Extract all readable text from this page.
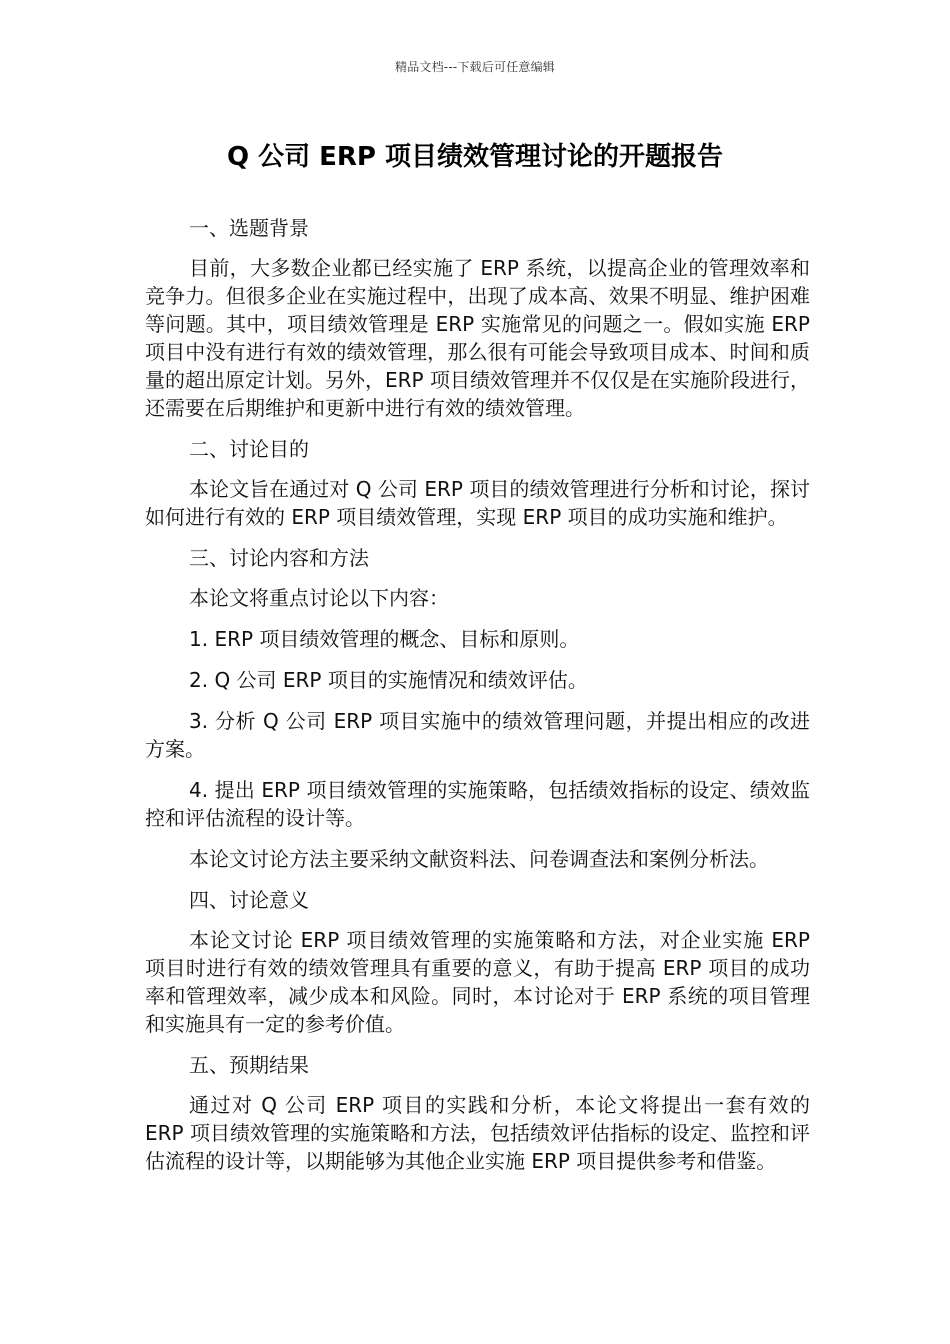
精品文档---下载后可任意编辑
Q 公司 ERP 项目绩效管理讨论的开题报告

一、选题背景

目前，大多数企业都已经实施了 ERP 系统，以提高企业的管理效率和竞争力。但很多企业在实施过程中，出现了成本高、效果不明显、维护困难等问题。其中，项目绩效管理是 ERP 实施常见的问题之一。假如实施 ERP 项目中没有进行有效的绩效管理，那么很有可能会导致项目成本、时间和质量的超出原定计划。另外，ERP 项目绩效管理并不仅仅是在实施阶段进行，还需要在后期维护和更新中进行有效的绩效管理。

二、讨论目的

本论文旨在通过对 Q 公司 ERP 项目的绩效管理进行分析和讨论，探讨如何进行有效的 ERP 项目绩效管理，实现 ERP 项目的成功实施和维护。

三、讨论内容和方法

本论文将重点讨论以下内容：

1. ERP 项目绩效管理的概念、目标和原则。

2. Q 公司 ERP 项目的实施情况和绩效评估。

3. 分析 Q 公司 ERP 项目实施中的绩效管理问题，并提出相应的改进方案。

4. 提出 ERP 项目绩效管理的实施策略，包括绩效指标的设定、绩效监控和评估流程的设计等。

本论文讨论方法主要采纳文献资料法、问卷调查法和案例分析法。

四、讨论意义

本论文讨论 ERP 项目绩效管理的实施策略和方法，对企业实施 ERP 项目时进行有效的绩效管理具有重要的意义，有助于提高 ERP 项目的成功率和管理效率，减少成本和风险。同时，本讨论对于 ERP 系统的项目管理和实施具有一定的参考价值。

五、预期结果

通过对 Q 公司 ERP 项目的实践和分析，本论文将提出一套有效的 ERP 项目绩效管理的实施策略和方法，包括绩效评估指标的设定、监控和评估流程的设计等，以期能够为其他企业实施 ERP 项目提供参考和借鉴。
